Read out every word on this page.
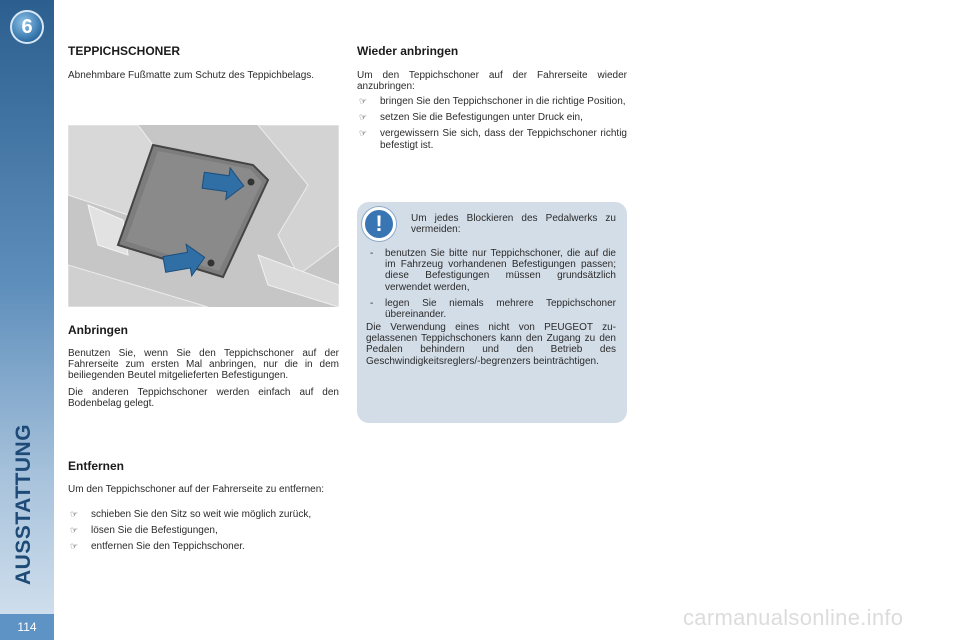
6
AUSSTATTUNG
114
TEPPICHSCHONER

Abnehmbare Fußmatte zum Schutz des Teppichbelags.

Anbringen

Benutzen Sie, wenn Sie den Teppichschoner auf der Fahrerseite zum ersten Mal anbringen, nur die in dem beiliegenden Beutel mitgelieferten Befestigungen.

Die anderen Teppichschoner werden einfach auf den Bodenbelag gelegt.

Entfernen

Um den Teppichschoner auf der Fahrerseite zu entfernen:

☞ schieben Sie den Sitz so weit wie möglich zurück,
☞ lösen Sie die Befestigungen,
☞ entfernen Sie den Teppichschoner.
Wieder anbringen

Um den Teppichschoner auf der Fahrerseite wieder anzubringen:

☞ bringen Sie den Teppichschoner in die richtige Position,
☞ setzen Sie die Befestigungen unter Druck ein,
☞ vergewissern Sie sich, dass der Teppichschoner richtig befestigt ist.
!	Um jedes Blockieren des Pedalwerks zu vermeiden:

- benutzen Sie bitte nur Teppichschoner, die auf die im Fahrzeug vorhandenen Befestigungen passen; diese Befestigungen müssen grundsätzlich verwendet werden,
- legen Sie niemals mehrere Teppichschoner übereinander.

Die Verwendung eines nicht von PEUGEOT zugelassenen Teppichschoners kann den Zugang zu den Pedalen behindern und den Betrieb des Geschwindigkeitsreglers/-begrenzers beinträchtigen.

carmanualsonline.info
